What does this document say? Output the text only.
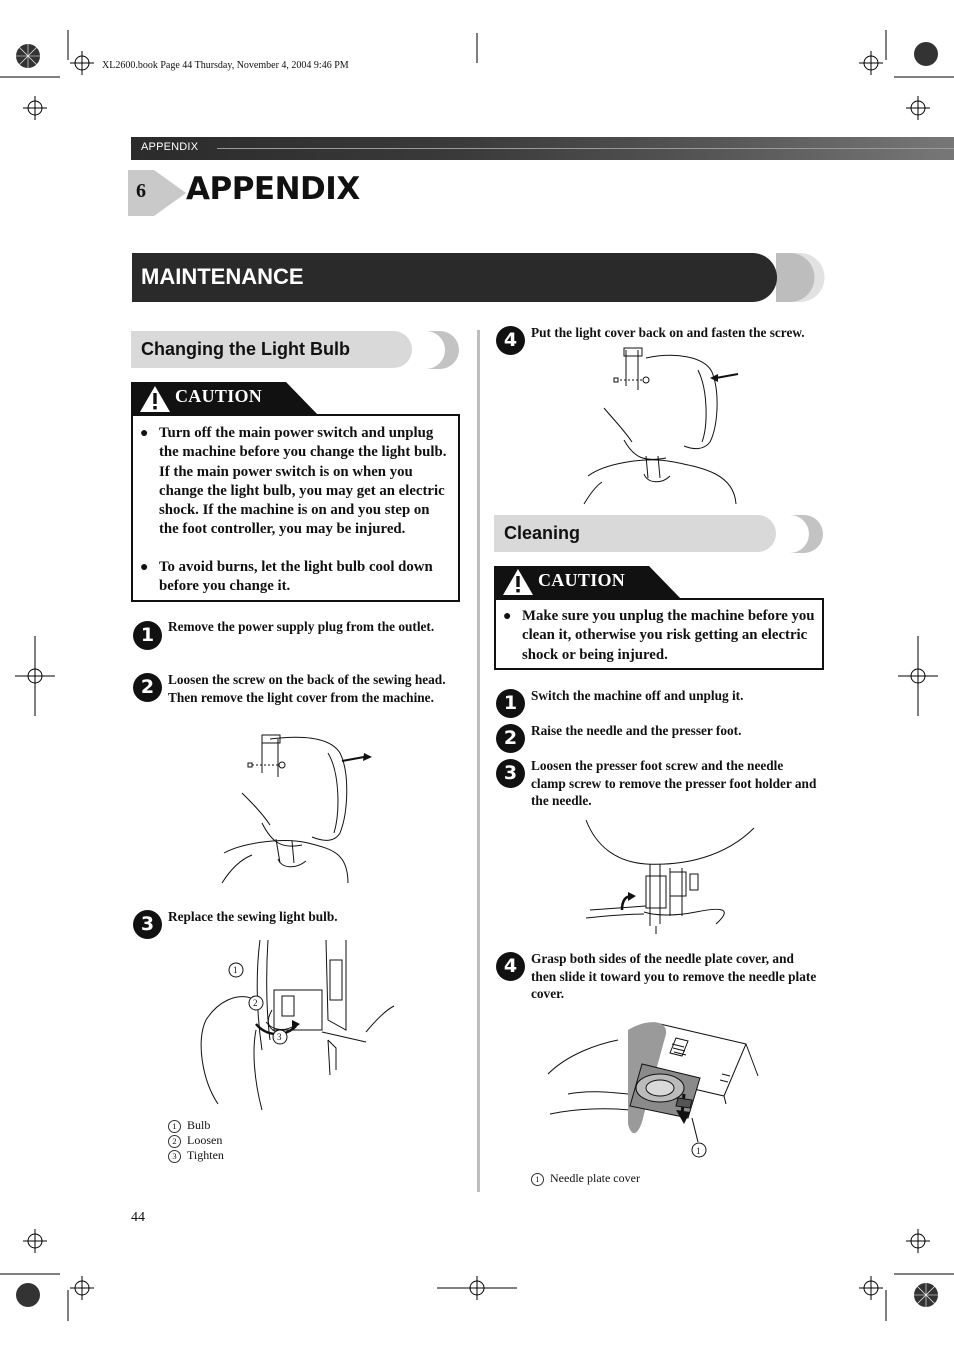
XL2600.book Page 44 Thursday, November 4, 2004 9:46 PM
APPENDIX
6 APPENDIX
MAINTENANCE
Changing the Light Bulb
CAUTION
● Turn off the main power switch and unplug the machine before you change the light bulb. If the main power switch is on when you change the light bulb, you may get an electric shock. If the machine is on and you step on the foot controller, you may be injured.
● To avoid burns, let the light bulb cool down before you change it.
1	Remove the power supply plug from the outlet.
2	Loosen the screw on the back of the sewing head. Then remove the light cover from the machine.
3	Replace the sewing light bulb.
1
2
3
1 Bulb
2 Loosen
3 Tighten
4	Put the light cover back on and fasten the screw.
Cleaning
CAUTION
● Make sure you unplug the machine before you clean it, otherwise you risk getting an electric shock or being injured.
1	Switch the machine off and unplug it.
2	Raise the needle and the presser foot.
3	Loosen the presser foot screw and the needle clamp screw to remove the presser foot holder and the needle.
4	Grasp both sides of the needle plate cover, and then slide it toward you to remove the needle plate cover.
1
1 Needle plate cover
44
